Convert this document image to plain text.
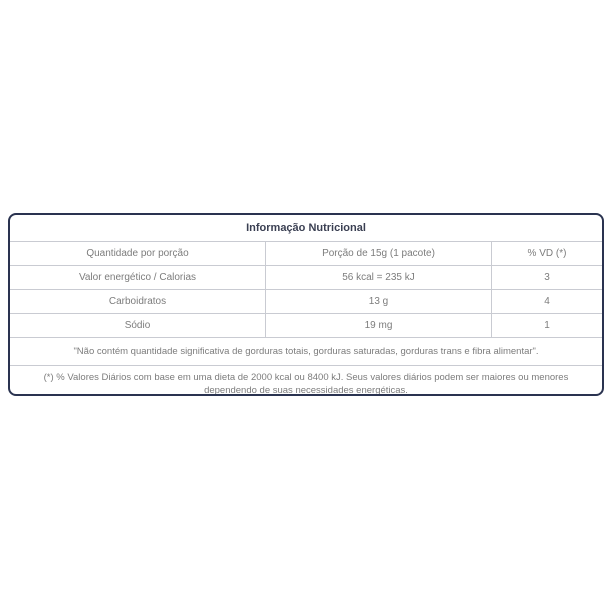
Informação Nutricional
Quantidade por porção	Porção de 15g (1 pacote)	% VD (*)
Valor energético / Calorias	56 kcal = 235 kJ	3
Carboidratos	13 g	4
Sódio	19 mg	1
"Não contém quantidade significativa de gorduras totais, gorduras saturadas, gorduras trans e fibra alimentar".
(*) % Valores Diários com base em uma dieta de 2000 kcal ou 8400 kJ. Seus valores diários podem ser maiores ou menores dependendo de suas necessidades energéticas.
